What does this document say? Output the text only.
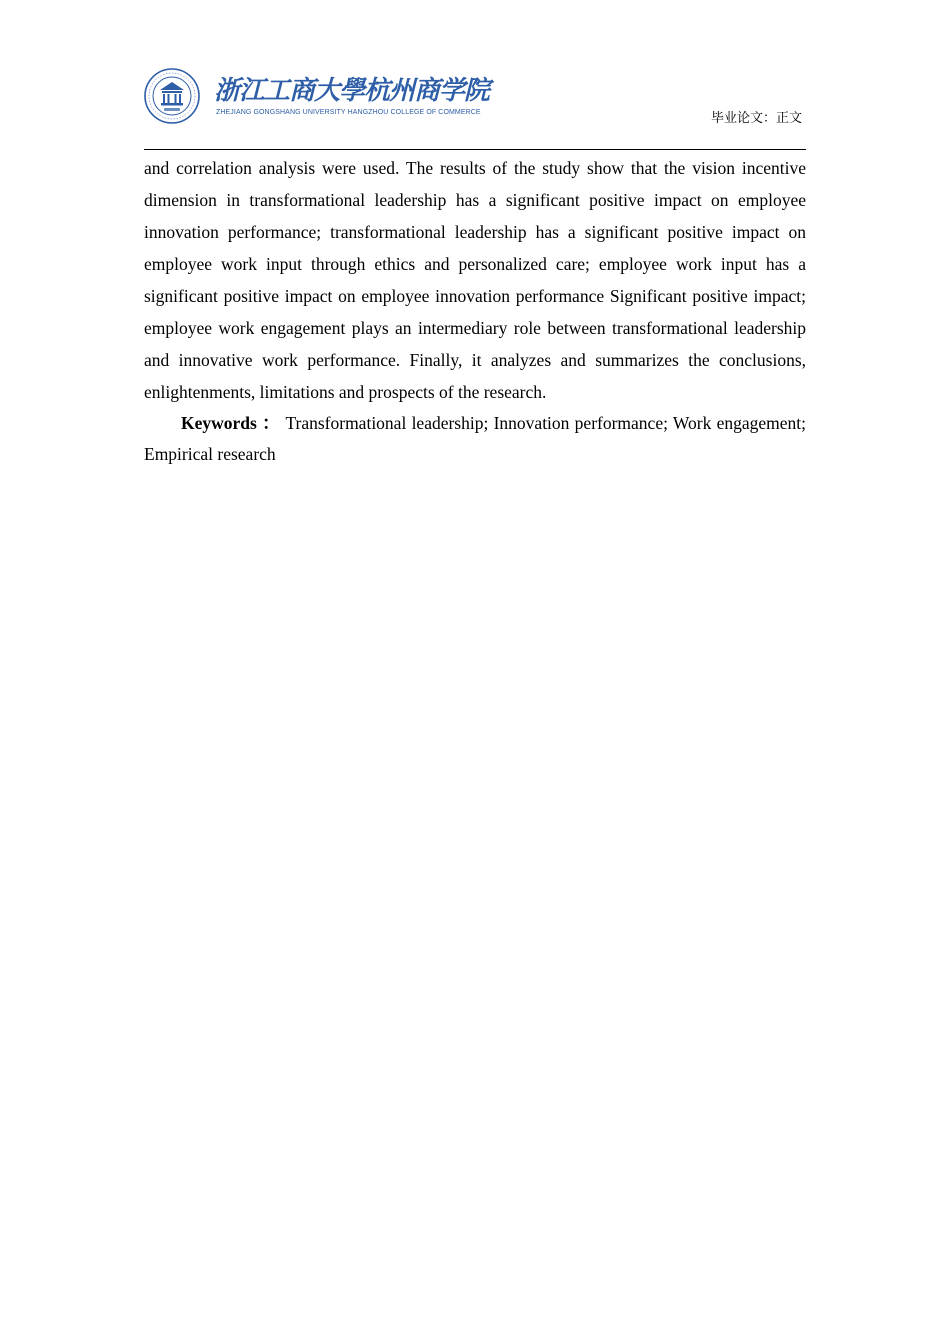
浙江工商大學杭州商学院
ZHEJIANG GONGSHANG UNIVERSITY HANGZHOU COLLEGE OF COMMERCE	毕业论文：正文

and correlation analysis were used. The results of the study show that the vision incentive dimension in transformational leadership has a significant positive impact on employee innovation performance; transformational leadership has a significant positive impact on employee work input through ethics and personalized care; employee work input has a significant positive impact on employee innovation performance Significant positive impact; employee work engagement plays an intermediary role between transformational leadership and innovative work performance. Finally, it analyzes and summarizes the conclusions, enlightenments, limitations and prospects of the research.

Keywords ： Transformational leadership; Innovation performance; Work engagement; Empirical research
